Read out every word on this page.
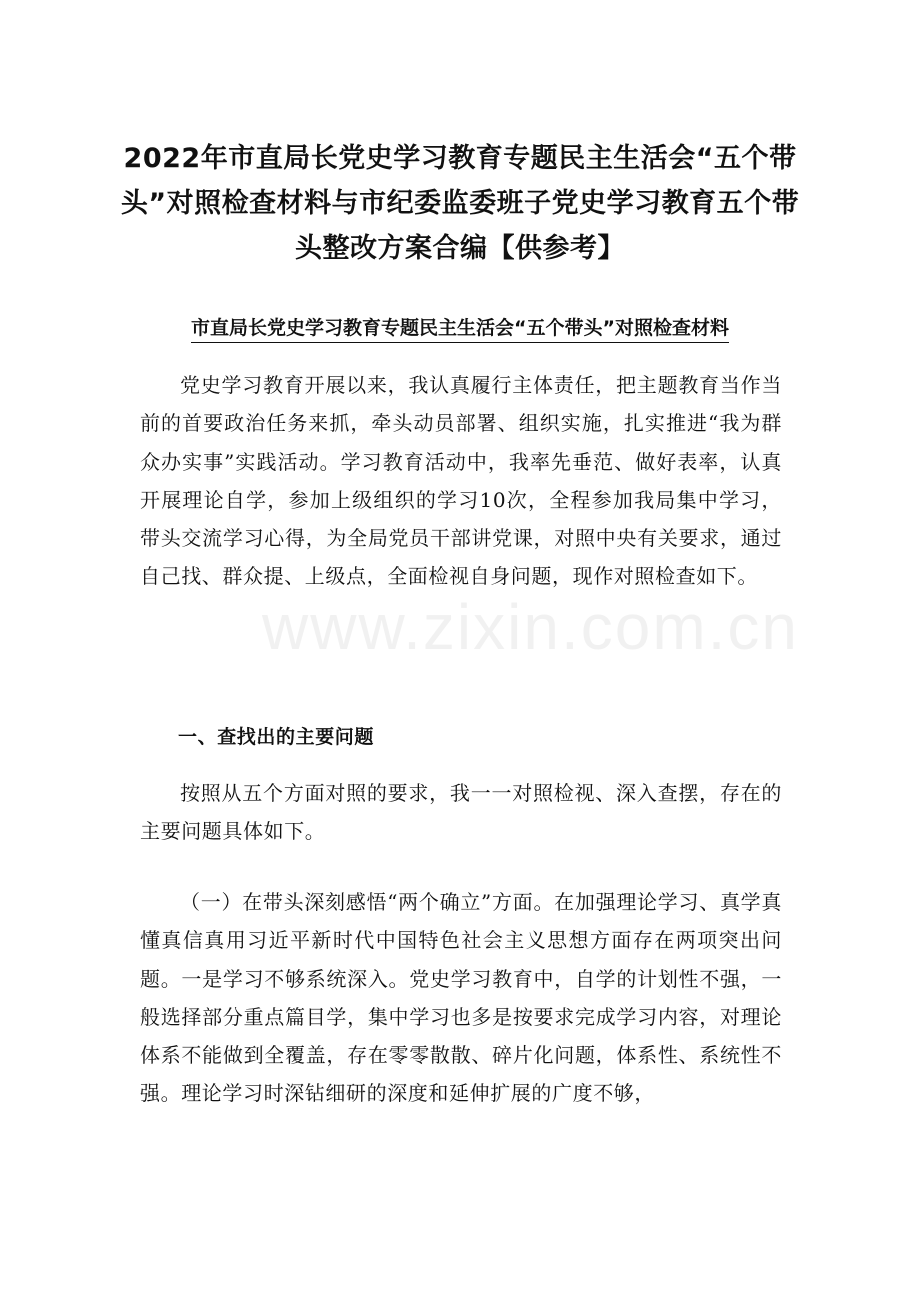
2022年市直局长党史学习教育专题民主生活会“五个带头”对照检查材料与市纪委监委班子党史学习教育五个带头整改方案合编【供参考】

市直局长党史学习教育专题民主生活会“五个带头”对照检查材料

党史学习教育开展以来，我认真履行主体责任，把主题教育当作当前的首要政治任务来抓，牵头动员部署、组织实施，扎实推进“我为群众办实事”实践活动。学习教育活动中，我率先垂范、做好表率，认真开展理论自学，参加上级组织的学习10次，全程参加我局集中学习，带头交流学习心得，为全局党员干部讲党课，对照中央有关要求，通过自己找、群众提、上级点，全面检视自身问题，现作对照检查如下。

一、查找出的主要问题

按照从五个方面对照的要求，我一一对照检视、深入查摆，存在的主要问题具体如下。

（一）在带头深刻感悟“两个确立”方面。在加强理论学习、真学真懂真信真用习近平新时代中国特色社会主义思想方面存在两项突出问题。一是学习不够系统深入。党史学习教育中，自学的计划性不强，一般选择部分重点篇目学，集中学习也多是按要求完成学习内容，对理论体系不能做到全覆盖，存在零零散散、碎片化问题，体系性、系统性不强。理论学习时深钻细研的深度和延伸扩展的广度不够，

www.zixin.com.cn
